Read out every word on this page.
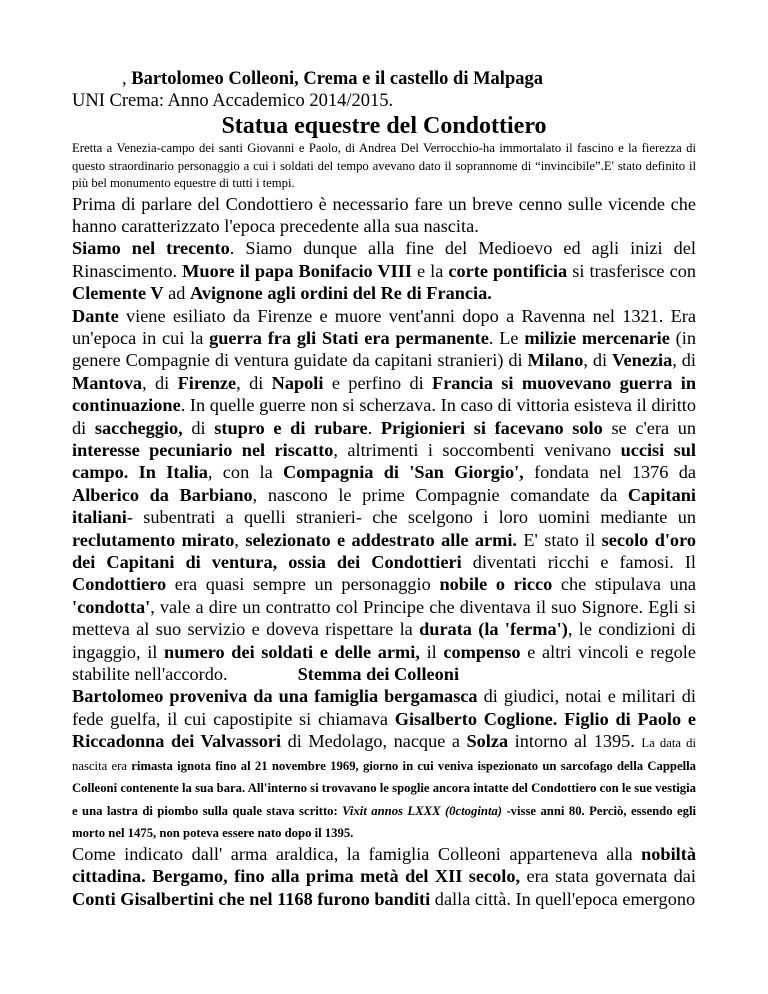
, Bartolomeo Colleoni, Crema e il castello di Malpaga
UNI Crema: Anno Accademico 2014/2015.
Statua equestre del Condottiero
Eretta a Venezia-campo dei santi Giovanni e Paolo, di Andrea Del Verrocchio-ha immortalato il fascino e la fierezza di questo straordinario personaggio a cui i soldati del tempo avevano dato il soprannome di “invincibile”.E' stato definito il più bel monumento equestre di tutti i tempi.
Prima di parlare del Condottiero è necessario fare un breve cenno sulle vicende che hanno caratterizzato l'epoca precedente alla sua nascita.
Siamo nel trecento. Siamo dunque alla fine del Medioevo ed agli inizi del Rinascimento. Muore il papa Bonifacio VIII e la corte pontificia si trasferisce con Clemente V ad Avignone agli ordini del Re di Francia.
Dante viene esiliato da Firenze e muore vent'anni dopo a Ravenna nel 1321. Era un'epoca in cui la guerra fra gli Stati era permanente. Le milizie mercenarie (in genere Compagnie di ventura guidate da capitani stranieri) di Milano, di Venezia, di Mantova, di Firenze, di Napoli e perfino di Francia si muovevano guerra in continuazione. In quelle guerre non si scherzava. In caso di vittoria esisteva il diritto di saccheggio, di stupro e di rubare. Prigionieri si facevano solo se c'era un interesse pecuniario nel riscatto, altrimenti i soccombenti venivano uccisi sul campo. In Italia, con la Compagnia di 'San Giorgio', fondata nel 1376 da Alberico da Barbiano, nascono le prime Compagnie comandate da Capitani italiani- subentrati a quelli stranieri- che scelgono i loro uomini mediante un reclutamento mirato, selezionato e addestrato alle armi. E' stato il secolo d'oro dei Capitani di ventura, ossia dei Condottieri diventati ricchi e famosi. Il Condottiero era quasi sempre un personaggio nobile o ricco che stipulava una 'condotta', vale a dire un contratto col Principe che diventava il suo Signore. Egli si metteva al suo servizio e doveva rispettare la durata (la 'ferma'), le condizioni di ingaggio, il numero dei soldati e delle armi, il compenso e altri vincoli e regole stabilite nell'accordo.	Stemma dei Colleoni
Bartolomeo proveniva da una famiglia bergamasca di giudici, notai e militari di fede guelfa, il cui capostipite si chiamava Gisalberto Coglione. Figlio di Paolo e Riccadonna dei Valvassori di Medolago, nacque a Solza intorno al 1395. La data di nascita era rimasta ignota fino al 21 novembre 1969, giorno in cui veniva ispezionato un sarcofago della Cappella Colleoni contenente la sua bara. All'interno si trovavano le spoglie ancora intatte del Condottiero con le sue vestigia e una lastra di piombo sulla quale stava scritto: Vixit annos LXXX (0ctoginta) -visse anni 80. Perciò, essendo egli morto nel 1475, non poteva essere nato dopo il 1395.
Come indicato dall' arma araldica, la famiglia Colleoni apparteneva alla nobiltà cittadina. Bergamo, fino alla prima metà del XII secolo, era stata governata dai Conti Gisalbertini che nel 1168 furono banditi dalla città. In quell'epoca emergono
